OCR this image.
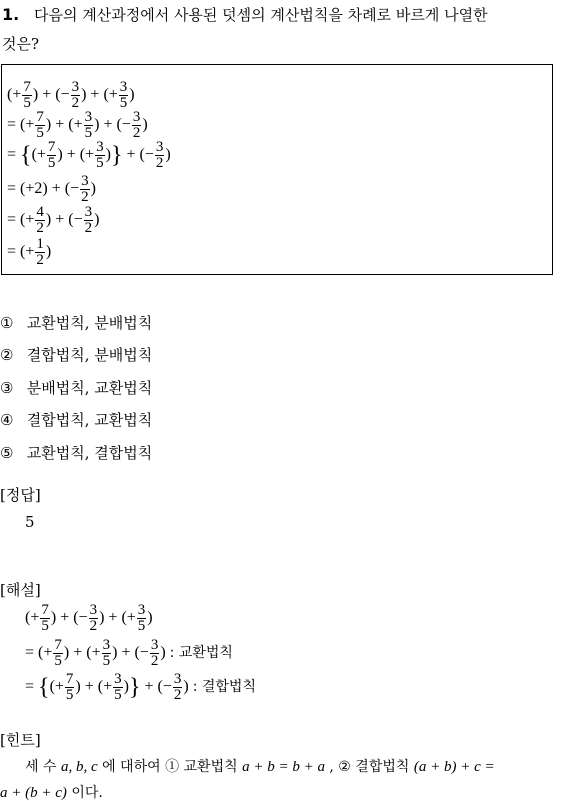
1. 다음의 계산과정에서 사용된 덧셈의 계산법칙을 차례로 바르게 나열한
것은?
(+ $\frac{7}{5}$ ) + (− $\frac{3}{2}$ ) + (+ $\frac{3}{5}$ )
= (+ $\frac{7}{5}$ ) + (+ $\frac{3}{5}$ ) + (− $\frac{3}{2}$ )
= {(+ $\frac{7}{5}$ ) + (+ $\frac{3}{5}$ )} + (− $\frac{3}{2}$ )
= (+2) + (− $\frac{3}{2}$ )
= (+ $\frac{4}{2}$ ) + (− $\frac{3}{2}$ )
= (+ $\frac{1}{2}$ )
① 교환법칙, 분배법칙
② 결합법칙, 분배법칙
③ 분배법칙, 교환법칙
④ 결합법칙, 교환법칙
⑤ 교환법칙, 결합법칙
[정답]
5
[해설]
(+ $\frac{7}{5}$ ) + (− $\frac{3}{2}$ ) + (+ $\frac{3}{5}$ )
= (+ $\frac{7}{5}$ ) + (+ $\frac{3}{5}$ ) + (− $\frac{3}{2}$ ) : 교환법칙
= {(+ $\frac{7}{5}$ ) + (+ $\frac{3}{5}$ )} + (− $\frac{3}{2}$ ) : 결합법칙
[힌트]
세 수 a, b, c 에 대하여 ① 교환법칙 a + b = b + a , ② 결합법칙 (a + b) + c =
a + (b + c) 이다.
